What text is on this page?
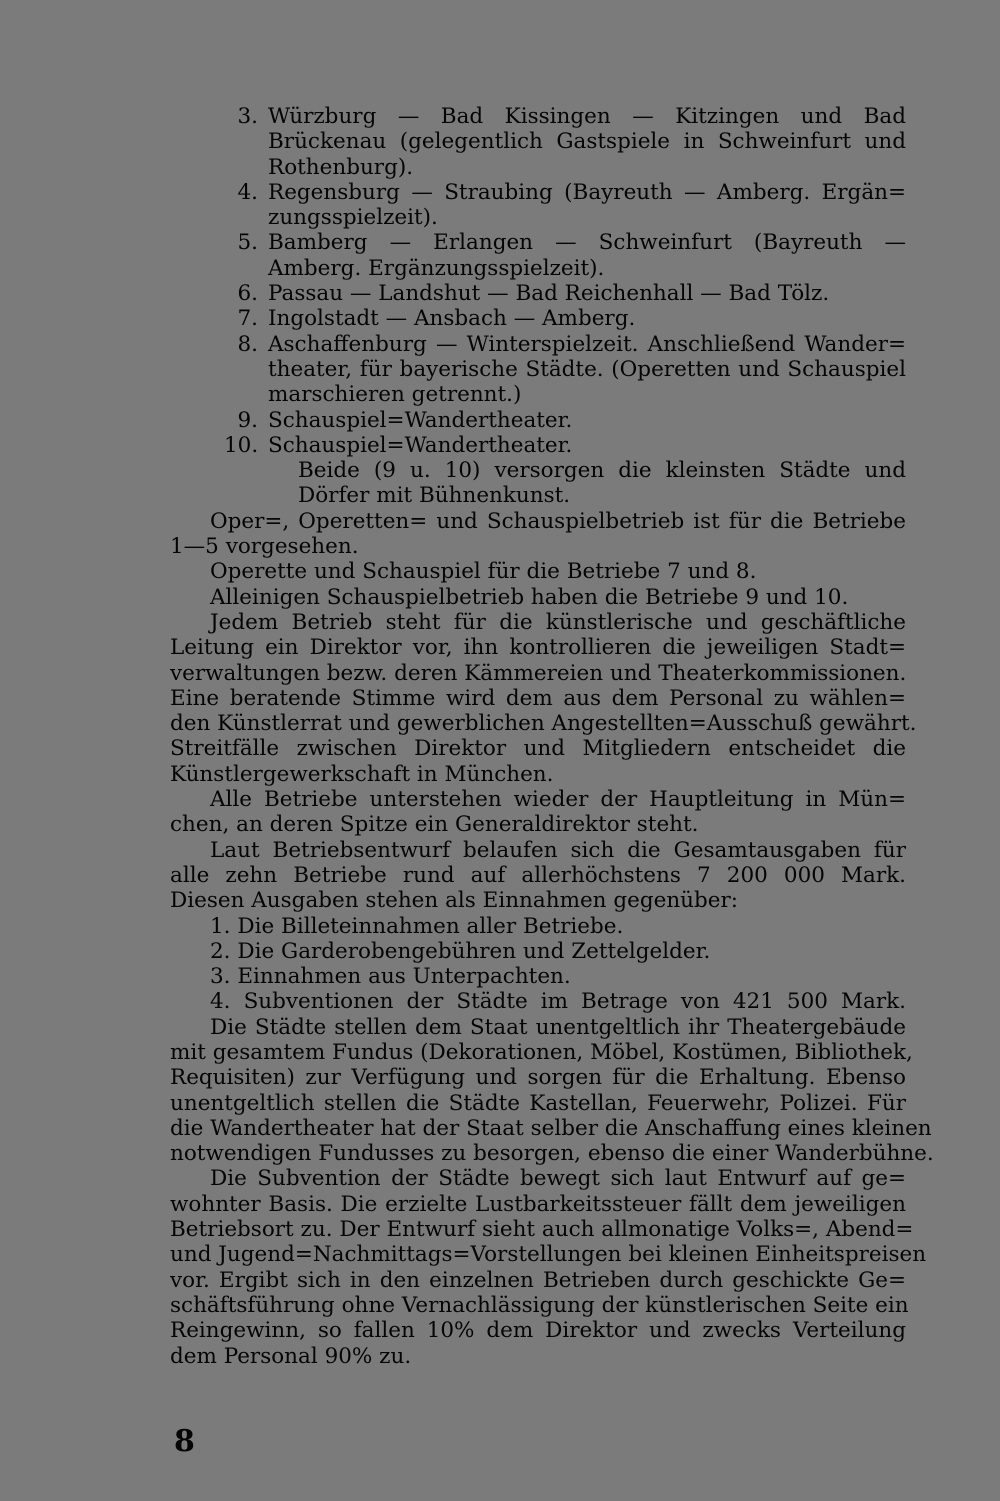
3. Würzburg — Bad Kissingen — Kitzingen und Bad
Brückenau (gelegentlich Gastspiele in Schweinfurt und
Rothenburg).
4. Regensburg — Straubing (Bayreuth — Amberg. Ergän=
zungsspielzeit).
5. Bamberg — Erlangen — Schweinfurt (Bayreuth —
Amberg. Ergänzungsspielzeit).
6. Passau — Landshut — Bad Reichenhall — Bad Tölz.
7. Ingolstadt — Ansbach — Amberg.
8. Aschaffenburg — Winterspielzeit. Anschließend Wander=
theater, für bayerische Städte. (Operetten und Schauspiel
marschieren getrennt.)
9. Schauspiel=Wandertheater.
10. Schauspiel=Wandertheater.
Beide (9 u. 10) versorgen die kleinsten Städte und
Dörfer mit Bühnenkunst.
Oper=, Operetten= und Schauspielbetrieb ist für die Betriebe
1—5 vorgesehen.
Operette und Schauspiel für die Betriebe 7 und 8.
Alleinigen Schauspielbetrieb haben die Betriebe 9 und 10.
Jedem Betrieb steht für die künstlerische und geschäftliche
Leitung ein Direktor vor, ihn kontrollieren die jeweiligen Stadt=
verwaltungen bezw. deren Kämmereien und Theaterkommissionen.
Eine beratende Stimme wird dem aus dem Personal zu wählen=
den Künstlerrat und gewerblichen Angestellten=Ausschuß gewährt.
Streitfälle zwischen Direktor und Mitgliedern entscheidet die
Künstlergewerkschaft in München.
Alle Betriebe unterstehen wieder der Hauptleitung in Mün=
chen, an deren Spitze ein Generaldirektor steht.
Laut Betriebsentwurf belaufen sich die Gesamtausgaben für
alle zehn Betriebe rund auf allerhöchstens 7 200 000 Mark.
Diesen Ausgaben stehen als Einnahmen gegenüber:
1. Die Billeteinnahmen aller Betriebe.
2. Die Garderobengebühren und Zettelgelder.
3. Einnahmen aus Unterpachten.
4. Subventionen der Städte im Betrage von 421 500 Mark.
Die Städte stellen dem Staat unentgeltlich ihr Theatergebäude
mit gesamtem Fundus (Dekorationen, Möbel, Kostümen, Bibliothek,
Requisiten) zur Verfügung und sorgen für die Erhaltung. Ebenso
unentgeltlich stellen die Städte Kastellan, Feuerwehr, Polizei. Für
die Wandertheater hat der Staat selber die Anschaffung eines kleinen
notwendigen Fundusses zu besorgen, ebenso die einer Wanderbühne.
Die Subvention der Städte bewegt sich laut Entwurf auf ge=
wohnter Basis. Die erzielte Lustbarkeitssteuer fällt dem jeweiligen
Betriebsort zu. Der Entwurf sieht auch allmonatige Volks=, Abend=
und Jugend=Nachmittags=Vorstellungen bei kleinen Einheitspreisen
vor. Ergibt sich in den einzelnen Betrieben durch geschickte Ge=
schäftsführung ohne Vernachlässigung der künstlerischen Seite ein
Reingewinn, so fallen 10% dem Direktor und zwecks Verteilung
dem Personal 90% zu.
8
